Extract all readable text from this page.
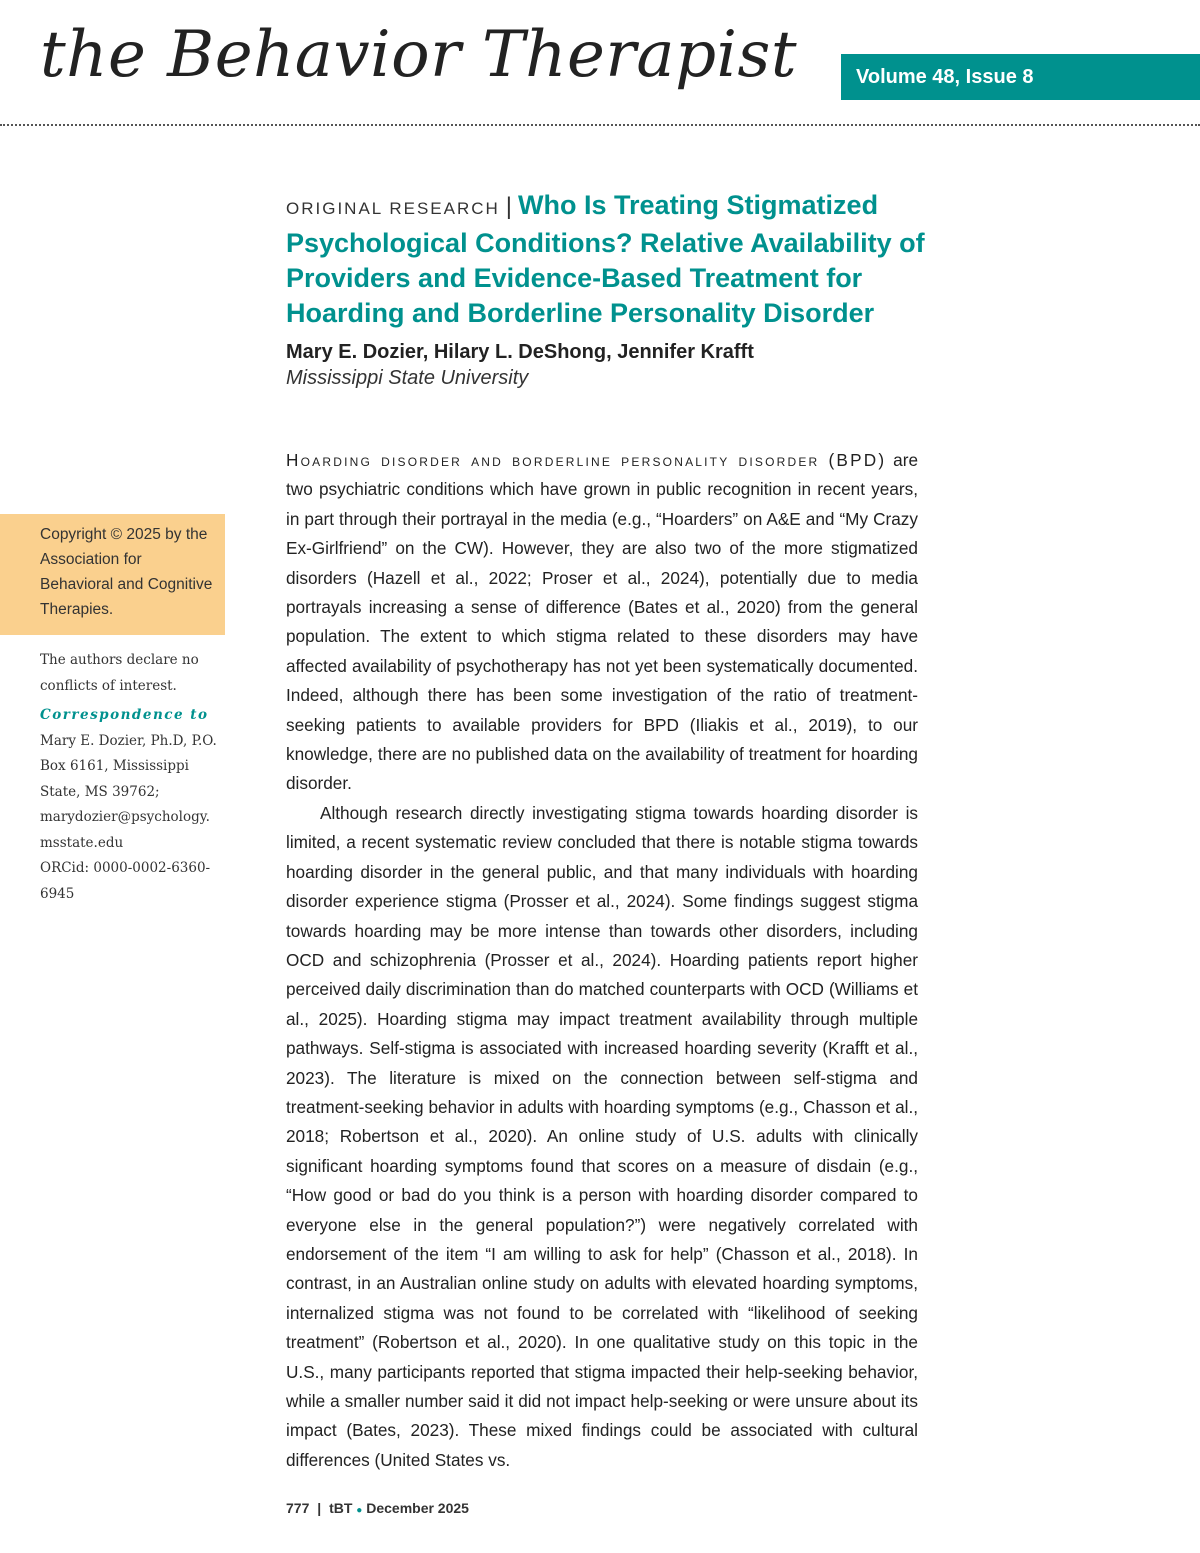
the Behavior Therapist	Volume 48, Issue 8
ORIGINAL RESEARCH | Who Is Treating Stigmatized Psychological Conditions? Relative Availability of Providers and Evidence-Based Treatment for Hoarding and Borderline Personality Disorder
Mary E. Dozier, Hilary L. DeShong, Jennifer Krafft
Mississippi State University
Copyright © 2025 by the Association for Behavioral and Cognitive Therapies.
The authors declare no conflicts of interest.
Correspondence to
Mary E. Dozier, Ph.D, P.O. Box 6161, Mississippi State, MS 39762; marydozier@psychology.msstate.edu
ORCid: 0000-0002-6360-6945

Hoarding disorder and borderline personality disorder (BPD) are two psychiatric conditions which have grown in public recognition in recent years, in part through their portrayal in the media (e.g., “Hoarders” on A&E and “My Crazy Ex-Girlfriend” on the CW). However, they are also two of the more stigmatized disorders (Hazell et al., 2022; Proser et al., 2024), potentially due to media portrayals increasing a sense of difference (Bates et al., 2020) from the general population. The extent to which stigma related to these disorders may have affected availability of psychotherapy has not yet been systematically documented. Indeed, although there has been some investigation of the ratio of treatment-seeking patients to available providers for BPD (Iliakis et al., 2019), to our knowledge, there are no published data on the availability of treatment for hoarding disorder.

Although research directly investigating stigma towards hoarding disorder is limited, a recent systematic review concluded that there is notable stigma towards hoarding disorder in the general public, and that many individuals with hoarding disorder experience stigma (Prosser et al., 2024). Some findings suggest stigma towards hoarding may be more intense than towards other disorders, including OCD and schizophrenia (Prosser et al., 2024). Hoarding patients report higher perceived daily discrimination than do matched counterparts with OCD (Williams et al., 2025). Hoarding stigma may impact treatment availability through multiple pathways. Self-stigma is associated with increased hoarding severity (Krafft et al., 2023). The literature is mixed on the connection between self-stigma and treatment-seeking behavior in adults with hoarding symptoms (e.g., Chasson et al., 2018; Robertson et al., 2020). An online study of U.S. adults with clinically significant hoarding symptoms found that scores on a measure of disdain (e.g., “How good or bad do you think is a person with hoarding disorder compared to everyone else in the general population?”) were negatively correlated with endorsement of the item “I am willing to ask for help” (Chasson et al., 2018). In contrast, in an Australian online study on adults with elevated hoarding symptoms, internalized stigma was not found to be correlated with “likelihood of seeking treatment” (Robertson et al., 2020). In one qualitative study on this topic in the U.S., many participants reported that stigma impacted their help-seeking behavior, while a smaller number said it did not impact help-seeking or were unsure about its impact (Bates, 2023). These mixed findings could be associated with cultural differences (United States vs.

777 | tBT ● December 2025
